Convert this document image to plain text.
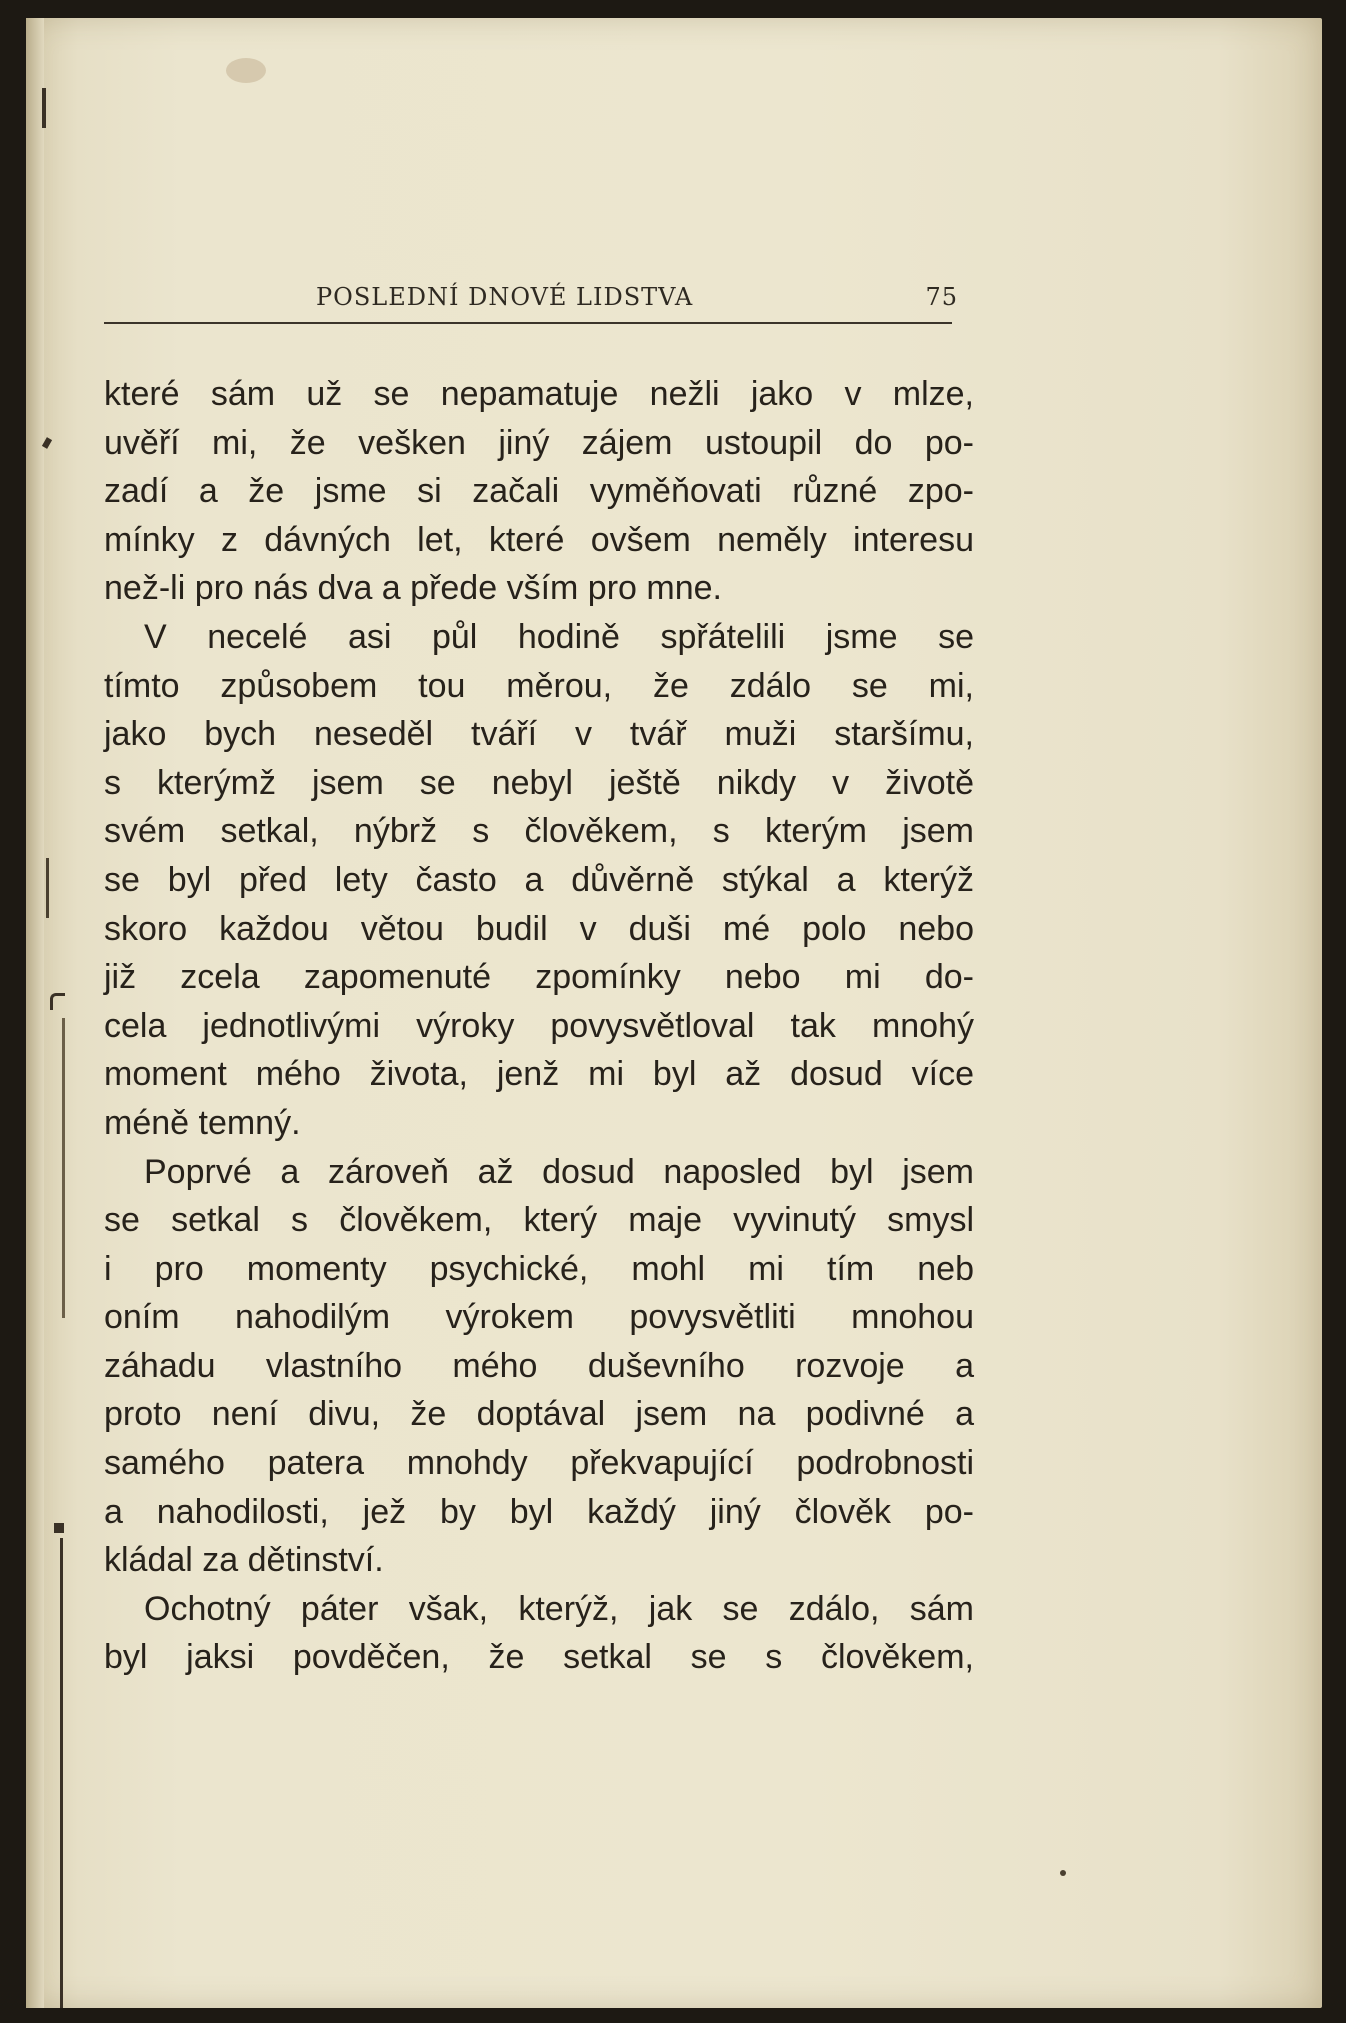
POSLEDNÍ DNOVÉ LIDSTVA	75
které sám už se nepamatuje nežli jako v mlze,
uvěří mi, že vešken jiný zájem ustoupil do po-
zadí a že jsme si začali vyměňovati různé zpo-
mínky z dávných let, které ovšem neměly interesu
než-li pro nás dva a přede vším pro mne.
V necelé asi půl hodině spřátelili jsme se
tímto způsobem tou měrou, že zdálo se mi,
jako bych neseděl tváří v tvář muži staršímu,
s kterýmž jsem se nebyl ještě nikdy v životě
svém setkal, nýbrž s člověkem, s kterým jsem
se byl před lety často a důvěrně stýkal a kterýž
skoro každou větou budil v duši mé polo nebo
již zcela zapomenuté zpomínky nebo mi do-
cela jednotlivými výroky povysvětloval tak mnohý
moment mého života, jenž mi byl až dosud více
méně temný.
Poprvé a zároveň až dosud naposled byl jsem
se setkal s člověkem, který maje vyvinutý smysl
i pro momenty psychické, mohl mi tím neb
oním nahodilým výrokem povysvětliti mnohou
záhadu vlastního mého duševního rozvoje a
proto není divu, že doptával jsem na podivné a
samého patera mnohdy překvapující podrobnosti
a nahodilosti, jež by byl každý jiný člověk po-
kládal za dětinství.
Ochotný páter však, kterýž, jak se zdálo, sám
byl jaksi povděčen, že setkal se s člověkem,
